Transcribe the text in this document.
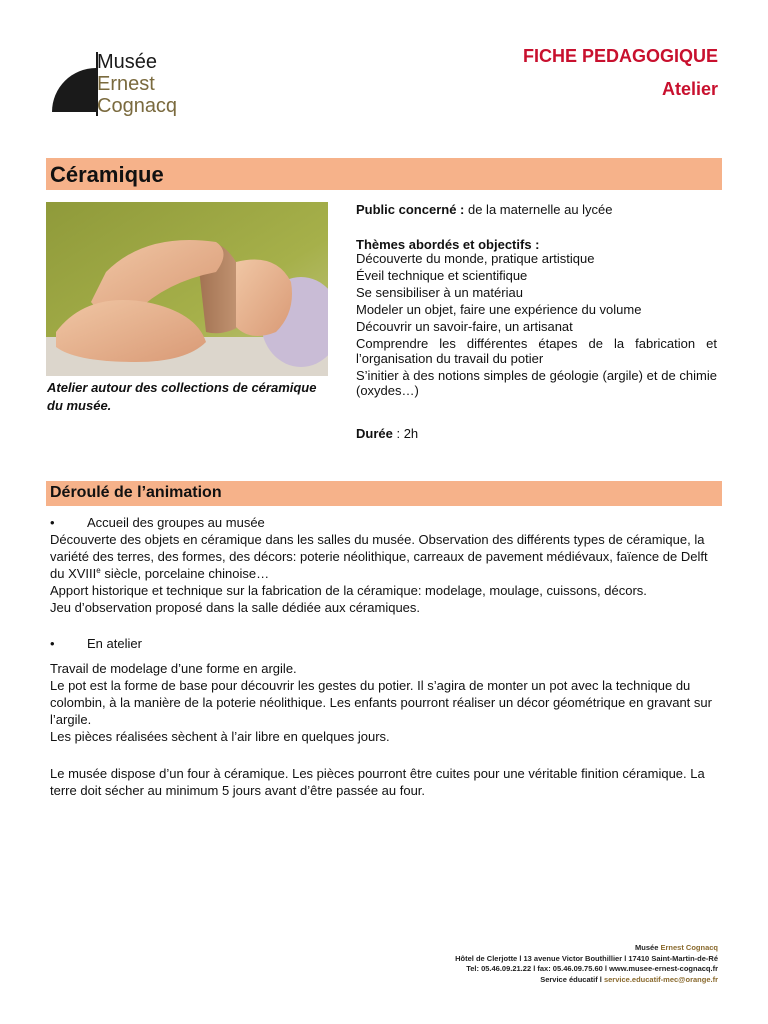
Musée
Ernest
Cognacq
FICHE PEDAGOGIQUE
Atelier
Céramique
Atelier autour des collections de céramique du musée.
Public concerné : de la maternelle au lycée
Thèmes abordés et objectifs :
Découverte du monde, pratique artistique
Éveil technique et scientifique
Se sensibiliser à un matériau
Modeler un objet, faire une expérience du volume
Découvrir un savoir-faire, un artisanat
Comprendre les différentes étapes de la fabrication et l’organisation du travail du potier
S’initier à des notions simples de géologie (argile) et de chimie (oxydes…)
Durée : 2h
Déroulé de l’animation
• Accueil des groupes au musée
Découverte des objets en céramique dans les salles du musée. Observation des différents types de céramique, la variété des terres, des formes, des décors: poterie néolithique, carreaux de pavement médiévaux, faïence de Delft du XVIIIe siècle, porcelaine chinoise…
Apport historique et technique sur la fabrication de la céramique: modelage, moulage, cuissons, décors.
Jeu d’observation proposé dans la salle dédiée aux céramiques.
• En atelier
Travail de modelage d’une forme en argile.
Le pot est la forme de base pour découvrir les gestes du potier. Il s’agira de monter un pot avec la technique du colombin, à la manière de la poterie néolithique. Les enfants pourront réaliser un décor géométrique en gravant sur l’argile.
Les pièces réalisées sèchent à l’air libre en quelques jours.
Le musée dispose d’un four à céramique. Les pièces pourront être cuites pour une véritable finition céramique. La terre doit sécher au minimum 5 jours avant d’être passée au four.
Musée Ernest Cognacq
Hôtel de Clerjotte l 13 avenue Victor Bouthillier l 17410 Saint-Martin-de-Ré
Tel: 05.46.09.21.22 l fax: 05.46.09.75.60 l www.musee-ernest-cognacq.fr
Service éducatif l service.educatif-mec@orange.fr
